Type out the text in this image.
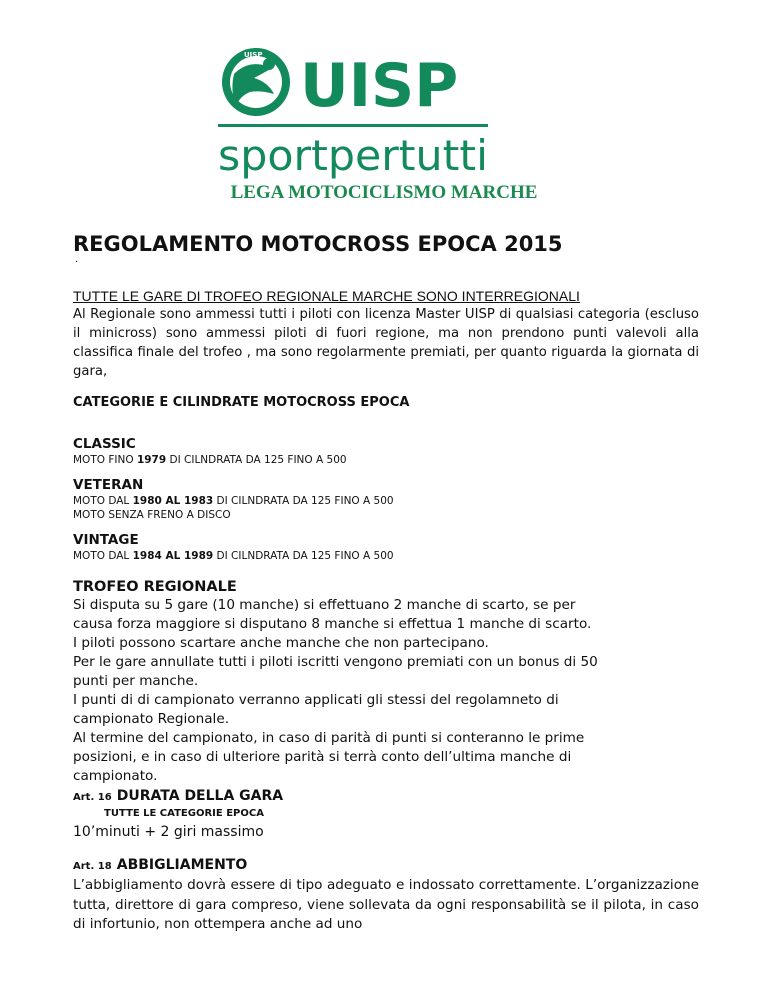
UISP UISP
sportpertutti
LEGA MOTOCICLISMO MARCHE
REGOLAMENTO MOTOCROSS EPOCA 2015
.
TUTTE LE GARE DI TROFEO REGIONALE MARCHE SONO INTERREGIONALI
Al Regionale sono ammessi tutti i piloti con licenza Master UISP di qualsiasi categoria (escluso il minicross) sono ammessi piloti di fuori regione, ma non prendono punti valevoli alla classifica finale del trofeo , ma sono regolarmente premiati, per quanto riguarda la giornata di gara,
CATEGORIE E CILINDRATE MOTOCROSS EPOCA
CLASSIC
MOTO FINO 1979 DI CILNDRATA DA 125 FINO A 500
VETERAN
MOTO DAL 1980 AL 1983 DI CILNDRATA DA 125 FINO A 500
MOTO SENZA FRENO A DISCO
VINTAGE
MOTO DAL 1984 AL 1989 DI CILNDRATA DA 125 FINO A 500
TROFEO REGIONALE
Si disputa su 5 gare (10 manche) si effettuano 2 manche di scarto, se per
causa forza maggiore si disputano 8 manche si effettua 1 manche di scarto.
I piloti possono scartare anche manche che non partecipano.
Per le gare annullate tutti i piloti iscritti vengono premiati con un bonus di 50
punti per manche.
I punti di di campionato verranno applicati gli stessi del regolamneto di
campionato Regionale.
Al termine del campionato, in caso di parità di punti si conteranno le prime
posizioni, e in caso di ulteriore parità si terrà conto dell’ultima manche di
campionato.
Art. 16 DURATA DELLA GARA
TUTTE LE CATEGORIE EPOCA
10’minuti + 2 giri massimo
Art. 18 ABBIGLIAMENTO
L’abbigliamento dovrà essere di tipo adeguato e indossato correttamente. L’organizzazione tutta, direttore di gara compreso, viene sollevata da ogni responsabilità se il pilota, in caso di infortunio, non ottempera anche ad uno
